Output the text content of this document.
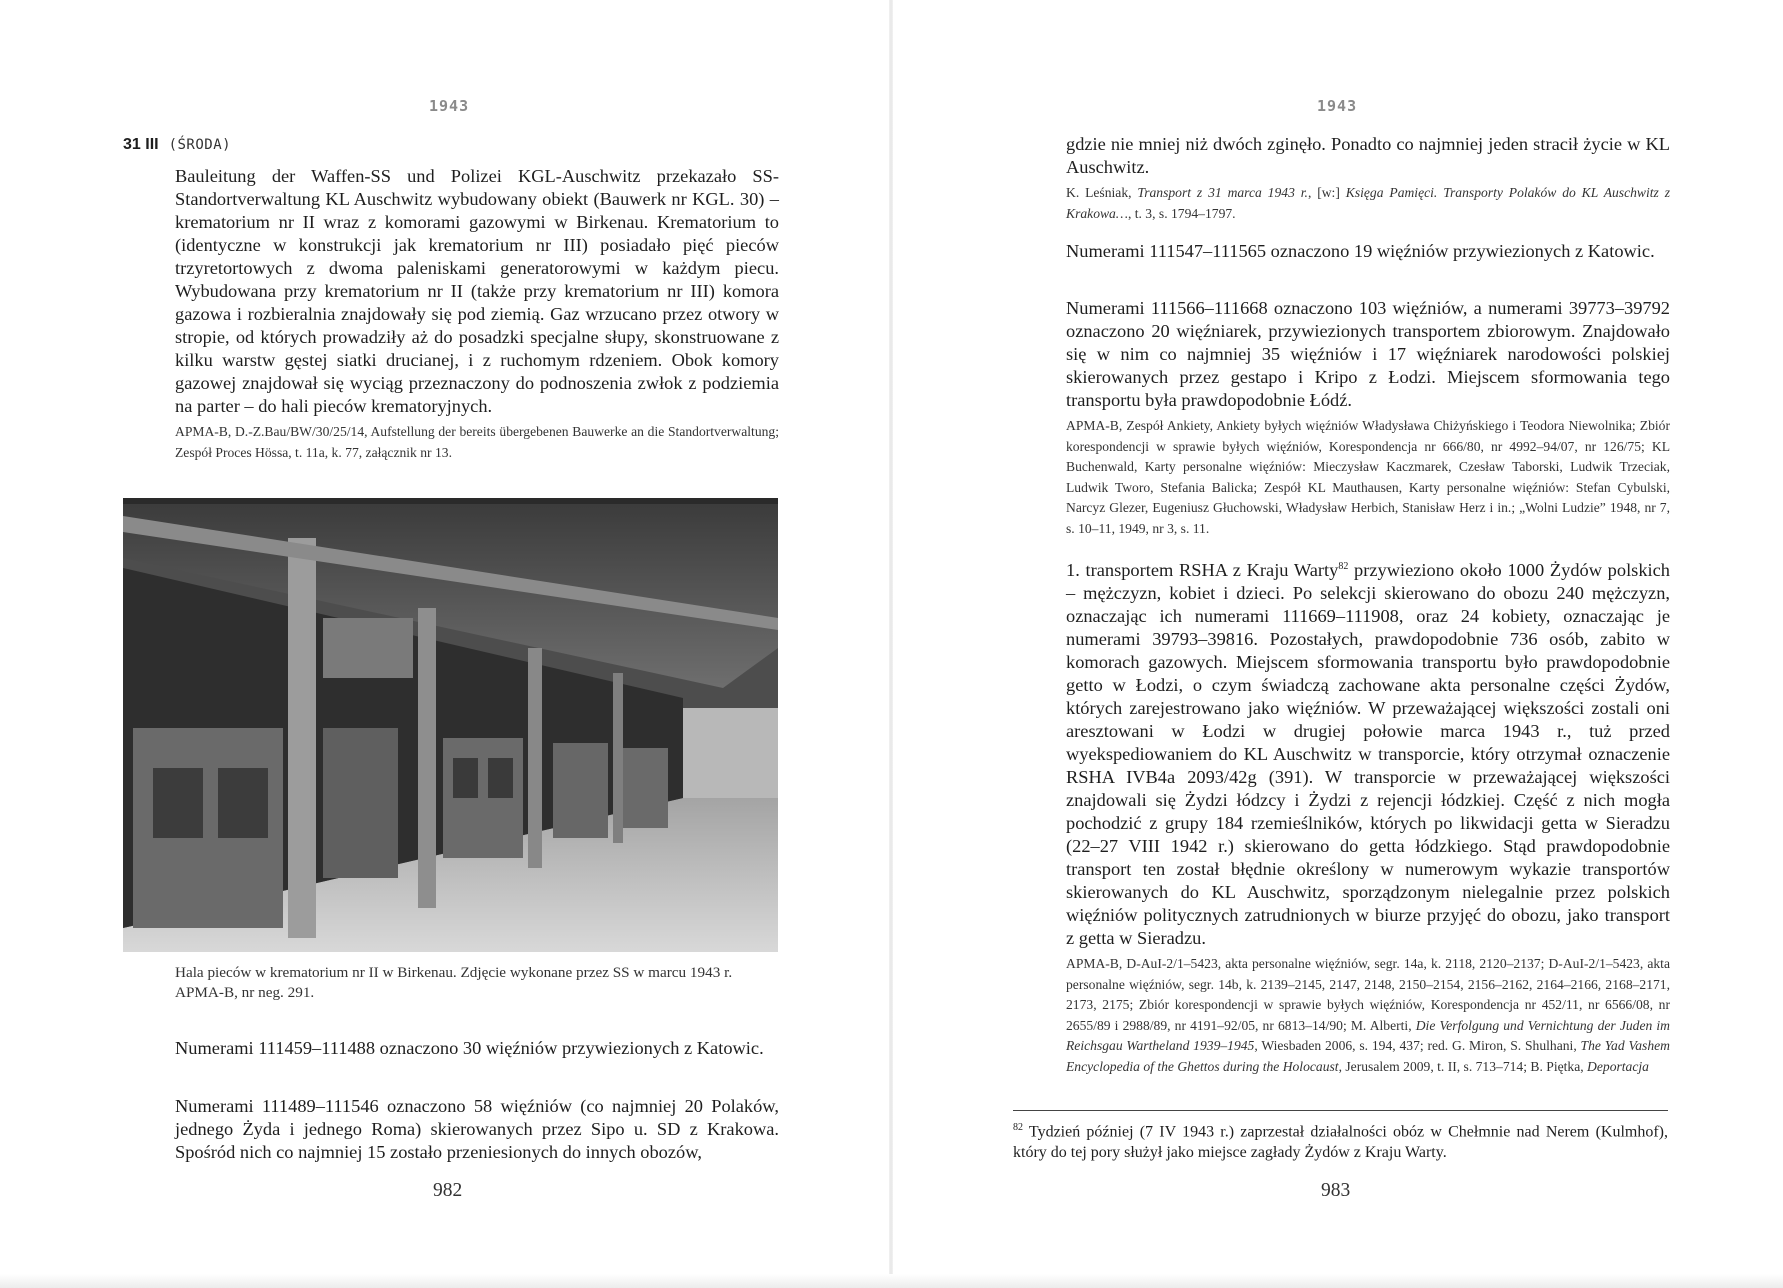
1943
31 III (ŚRODA)

Bauleitung der Waffen-SS und Polizei KGL-Auschwitz przekazało SS-Standortverwaltung KL Auschwitz wybudowany obiekt (Bauwerk nr KGL. 30) – krematorium nr II wraz z komorami gazowymi w Birkenau. Krematorium to (identyczne w konstrukcji jak krematorium nr III) posiadało pięć pieców trzyretortowych z dwoma paleniskami generatorowymi w każdym piecu. Wybudowana przy krematorium nr II (także przy krematorium nr III) komora gazowa i rozbieralnia znajdowały się pod ziemią. Gaz wrzucano przez otwory w stropie, od których prowadziły aż do posadzki specjalne słupy, skonstruowane z kilku warstw gęstej siatki drucianej, i z ruchomym rdzeniem. Obok komory gazowej znajdował się wyciąg przeznaczony do podnoszenia zwłok z podziemia na parter – do hali pieców krematoryjnych.

APMA-B, D.-Z.Bau/BW/30/25/14, Aufstellung der bereits übergebenen Bauwerke an die Standortverwaltung; Zespół Proces Hössa, t. 11a, k. 77, załącznik nr 13.

Hala pieców w krematorium nr II w Birkenau. Zdjęcie wykonane przez SS w marcu 1943 r.
APMA-B, nr neg. 291.

Numerami 111459–111488 oznaczono 30 więźniów przywiezionych z Katowic.

Numerami 111489–111546 oznaczono 58 więźniów (co najmniej 20 Polaków, jednego Żyda i jednego Roma) skierowanych przez Sipo u. SD z Krakowa. Spośród nich co najmniej 15 zostało przeniesionych do innych obozów,

982
1943

gdzie nie mniej niż dwóch zginęło. Ponadto co najmniej jeden stracił życie w KL Auschwitz.

K. Leśniak, Transport z 31 marca 1943 r., [w:] Księga Pamięci. Transporty Polaków do KL Auschwitz z Krakowa…, t. 3, s. 1794–1797.

Numerami 111547–111565 oznaczono 19 więźniów przywiezionych z Katowic.

Numerami 111566–111668 oznaczono 103 więźniów, a numerami 39773–39792 oznaczono 20 więźniarek, przywiezionych transportem zbiorowym. Znajdowało się w nim co najmniej 35 więźniów i 17 więźniarek narodowości polskiej skierowanych przez gestapo i Kripo z Łodzi. Miejscem sformowania tego transportu była prawdopodobnie Łódź.

APMA-B, Zespół Ankiety, Ankiety byłych więźniów Władysława Chiżyńskiego i Teodora Niewolnika; Zbiór korespondencji w sprawie byłych więźniów, Korespondencja nr 666/80, nr 4992–94/07, nr 126/75; KL Buchenwald, Karty personalne więźniów: Mieczysław Kaczmarek, Czesław Taborski, Ludwik Trzeciak, Ludwik Tworo, Stefania Balicka; Zespół KL Mauthausen, Karty personalne więźniów: Stefan Cybulski, Narcyz Glezer, Eugeniusz Głuchowski, Władysław Herbich, Stanisław Herz i in.; „Wolni Ludzie” 1948, nr 7, s. 10–11, 1949, nr 3, s. 11.

1. transportem RSHA z Kraju Warty$^{82}$ przywieziono około 1000 Żydów polskich – mężczyzn, kobiet i dzieci. Po selekcji skierowano do obozu 240 mężczyzn, oznaczając ich numerami 111669–111908, oraz 24 kobiety, oznaczając je numerami 39793–39816. Pozostałych, prawdopodobnie 736 osób, zabito w komorach gazowych. Miejscem sformowania transportu było prawdopodobnie getto w Łodzi, o czym świadczą zachowane akta personalne części Żydów, których zarejestrowano jako więźniów. W przeważającej większości zostali oni aresztowani w Łodzi w drugiej połowie marca 1943 r., tuż przed wyekspediowaniem do KL Auschwitz w transporcie, który otrzymał oznaczenie RSHA IVB4a 2093/42g (391). W transporcie w przeważającej większości znajdowali się Żydzi łódzcy i Żydzi z rejencji łódzkiej. Część z nich mogła pochodzić z grupy 184 rzemieślników, których po likwidacji getta w Sieradzu (22–27 VIII 1942 r.) skierowano do getta łódzkiego. Stąd prawdopodobnie transport ten został błędnie określony w numerowym wykazie transportów skierowanych do KL Auschwitz, sporządzonym nielegalnie przez polskich więźniów politycznych zatrudnionych w biurze przyjęć do obozu, jako transport z getta w Sieradzu.

APMA-B, D-AuI-2/1–5423, akta personalne więźniów, segr. 14a, k. 2118, 2120–2137; D-AuI-2/1–5423, akta personalne więźniów, segr. 14b, k. 2139–2145, 2147, 2148, 2150–2154, 2156–2162, 2164–2166, 2168–2171, 2173, 2175; Zbiór korespondencji w sprawie byłych więźniów, Korespondencja nr 452/11, nr 6566/08, nr 2655/89 i 2988/89, nr 4191–92/05, nr 6813–14/90; M. Alberti, Die Verfolgung und Vernichtung der Juden im Reichsgau Wartheland 1939–1945, Wiesbaden 2006, s. 194, 437; red. G. Miron, S. Shulhani, The Yad Vashem Encyclopedia of the Ghettos during the Holocaust, Jerusalem 2009, t. II, s. 713–714; B. Piętka, Deportacja

$^{82}$ Tydzień później (7 IV 1943 r.) zaprzestał działalności obóz w Chełmnie nad Nerem (Kulmhof), który do tej pory służył jako miejsce zagłady Żydów z Kraju Warty.
983
